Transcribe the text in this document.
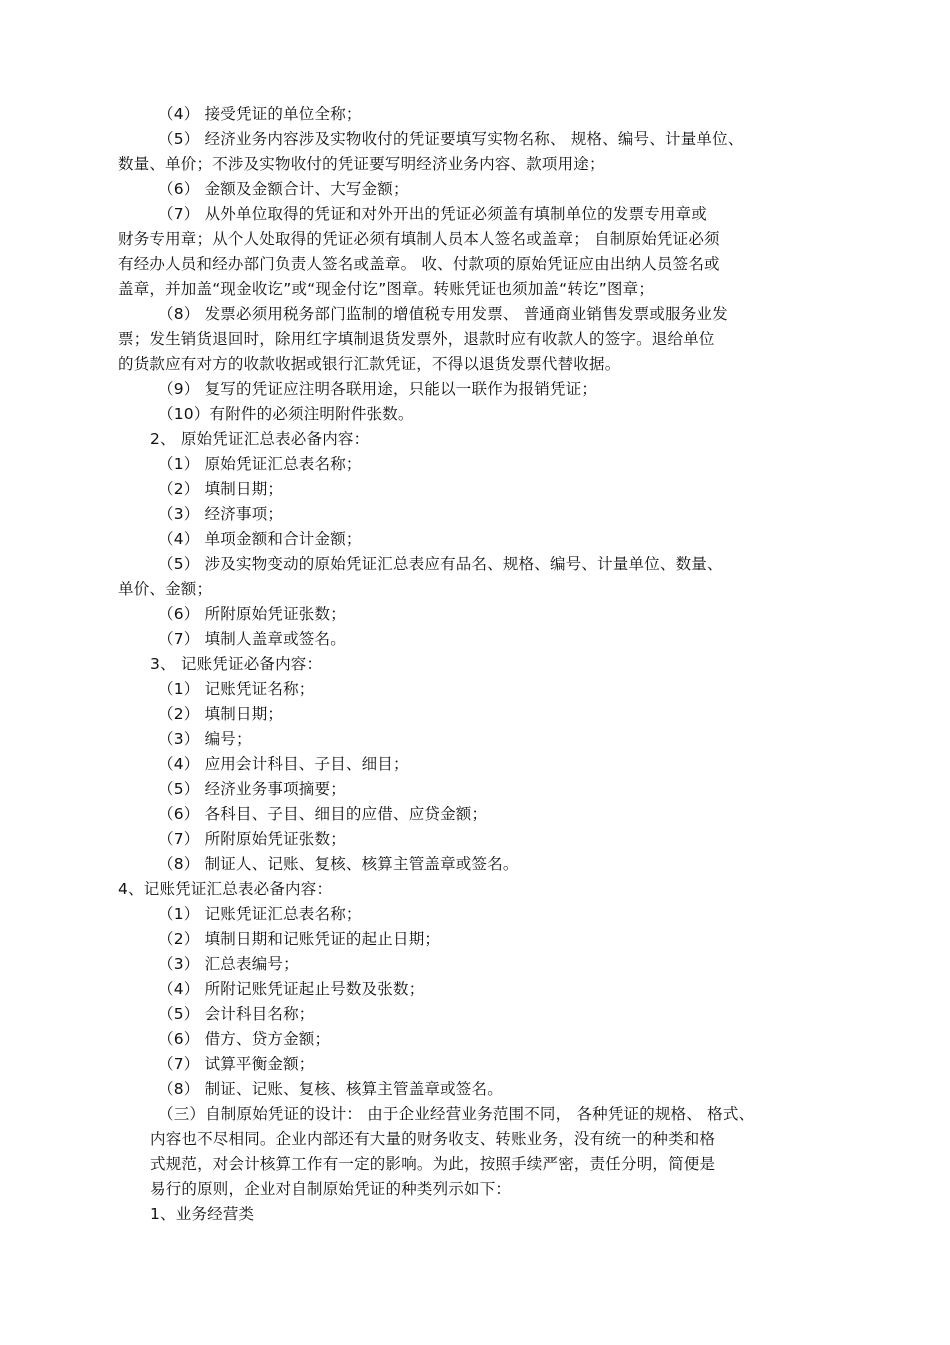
（4） 接受凭证的单位全称；
（5） 经济业务内容涉及实物收付的凭证要填写实物名称、 规格、编号、计量单位、
数量、单价；不涉及实物收付的凭证要写明经济业务内容、款项用途；
（6） 金额及金额合计、大写金额；
（7） 从外单位取得的凭证和对外开出的凭证必须盖有填制单位的发票专用章或
财务专用章；从个人处取得的凭证必须有填制人员本人签名或盖章； 自制原始凭证必须
有经办人员和经办部门负责人签名或盖章。 收、付款项的原始凭证应由出纳人员签名或
盖章，并加盖“现金收讫”或“现金付讫”图章。转账凭证也须加盖“转讫”图章；
（8） 发票必须用税务部门监制的增值税专用发票、 普通商业销售发票或服务业发
票；发生销货退回时，除用红字填制退货发票外，退款时应有收款人的签字。退给单位
的货款应有对方的收款收据或银行汇款凭证，不得以退货发票代替收据。
（9） 复写的凭证应注明各联用途，只能以一联作为报销凭证；
（10）有附件的必须注明附件张数。
2、 原始凭证汇总表必备内容：
（1） 原始凭证汇总表名称；
（2） 填制日期；
（3） 经济事项；
（4） 单项金额和合计金额；
（5） 涉及实物变动的原始凭证汇总表应有品名、规格、编号、计量单位、数量、
单价、金额；
（6） 所附原始凭证张数；
（7） 填制人盖章或签名。
3、 记账凭证必备内容：
（1） 记账凭证名称；
（2） 填制日期；
（3） 编号；
（4） 应用会计科目、子目、细目；
（5） 经济业务事项摘要；
（6） 各科目、子目、细目的应借、应贷金额；
（7） 所附原始凭证张数；
（8） 制证人、记账、复核、核算主管盖章或签名。
4、记账凭证汇总表必备内容：
（1） 记账凭证汇总表名称；
（2） 填制日期和记账凭证的起止日期；
（3） 汇总表编号；
（4） 所附记账凭证起止号数及张数；
（5） 会计科目名称；
（6） 借方、贷方金额；
（7） 试算平衡金额；
（8） 制证、记账、复核、核算主管盖章或签名。
（三）自制原始凭证的设计： 由于企业经营业务范围不同， 各种凭证的规格、 格式、
内容也不尽相同。企业内部还有大量的财务收支、转账业务，没有统一的种类和格
式规范，对会计核算工作有一定的影响。为此，按照手续严密，责任分明，简便是
易行的原则，企业对自制原始凭证的种类列示如下：
1、业务经营类
